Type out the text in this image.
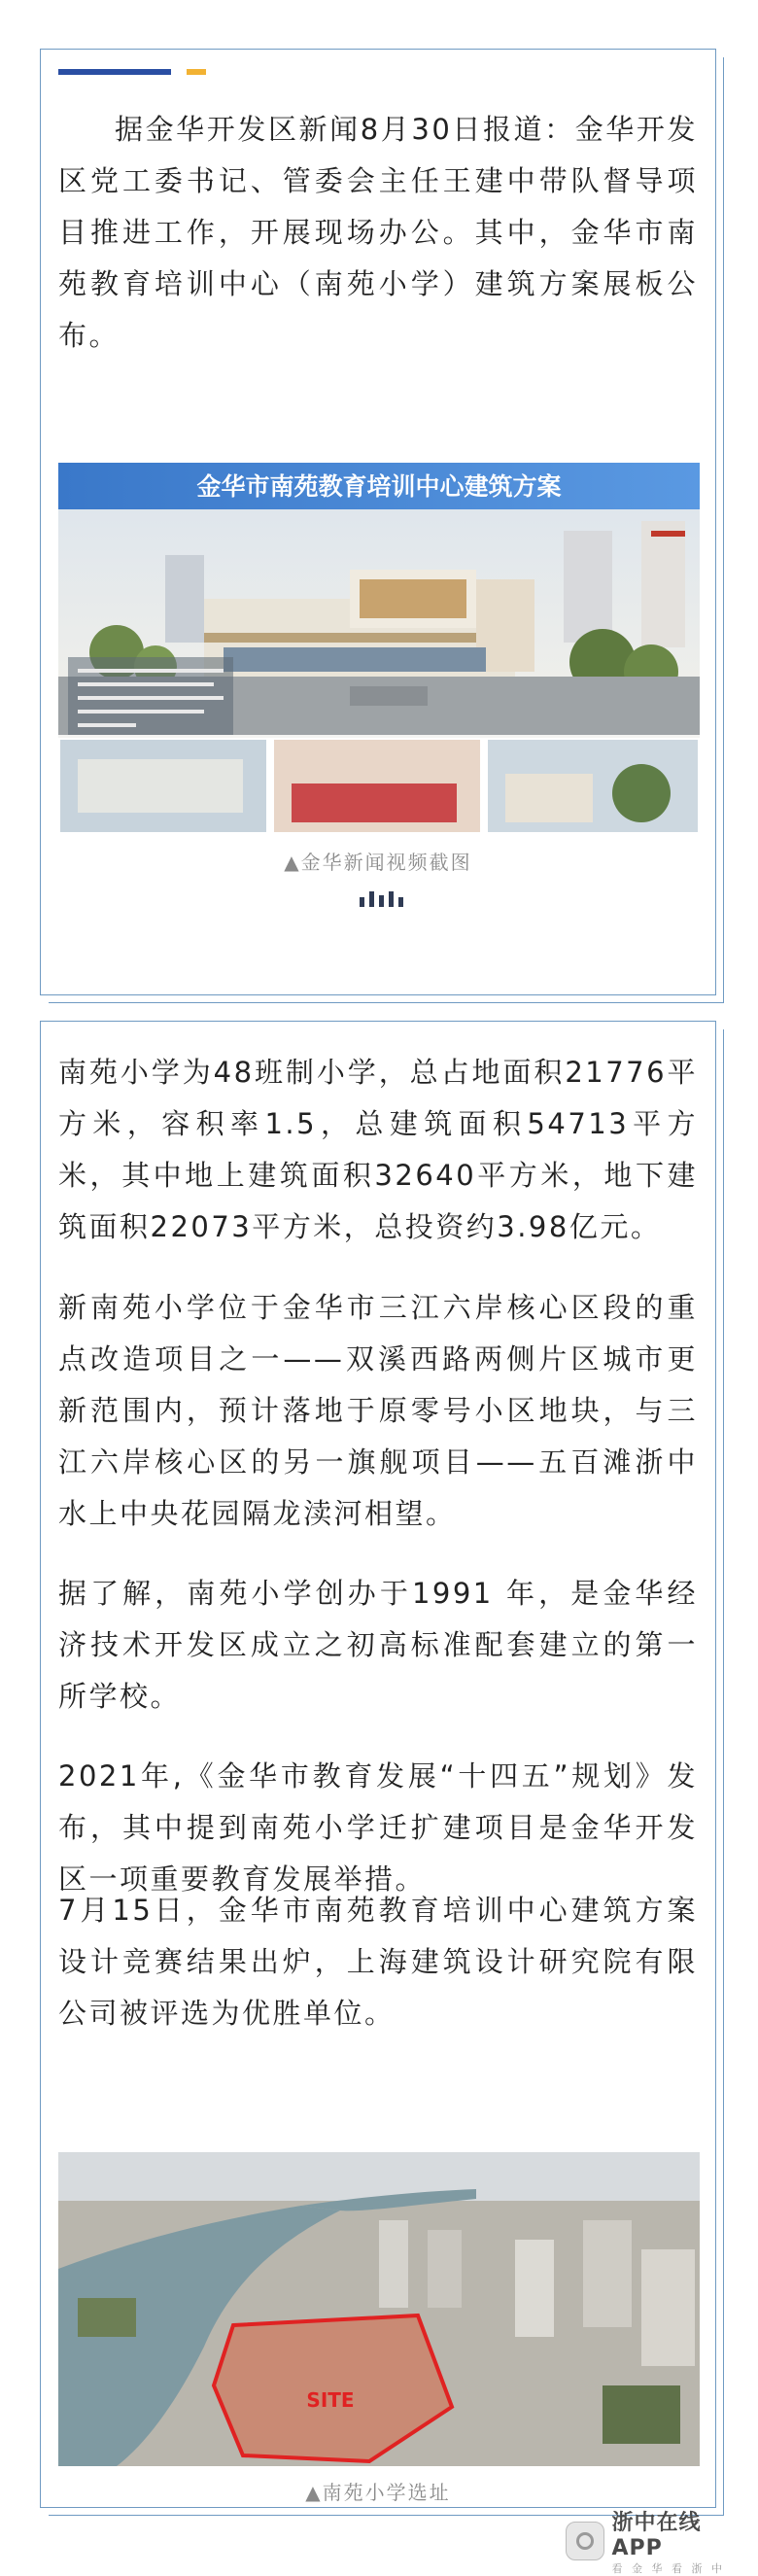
据金华开发区新闻8月30日报道：金华开发区党工委书记、管委会主任王建中带队督导项目推进工作，开展现场办公。其中，金华市南苑教育培训中心（南苑小学）建筑方案展板公布。

金华市南苑教育培训中心建筑方案
▲金华新闻视频截图

南苑小学为48班制小学，总占地面积21776平方米，容积率1.5，总建筑面积54713平方米，其中地上建筑面积32640平方米，地下建筑面积22073平方米，总投资约3.98亿元。

新南苑小学位于金华市三江六岸核心区段的重点改造项目之一——双溪西路两侧片区城市更新范围内，预计落地于原零号小区地块，与三江六岸核心区的另一旗舰项目——五百滩浙中水上中央花园隔龙渎河相望。

据了解，南苑小学创办于1991 年，是金华经济技术开发区成立之初高标准配套建立的第一所学校。

2021年,《金华市教育发展“十四五”规划》发布，其中提到南苑小学迁扩建项目是金华开发区一项重要教育发展举措。

7月15日，金华市南苑教育培训中心建筑方案设计竞赛结果出炉，上海建筑设计研究院有限公司被评选为优胜单位。

SITE
▲南苑小学选址
浙中在线APP
看 金 华 看 浙 中
